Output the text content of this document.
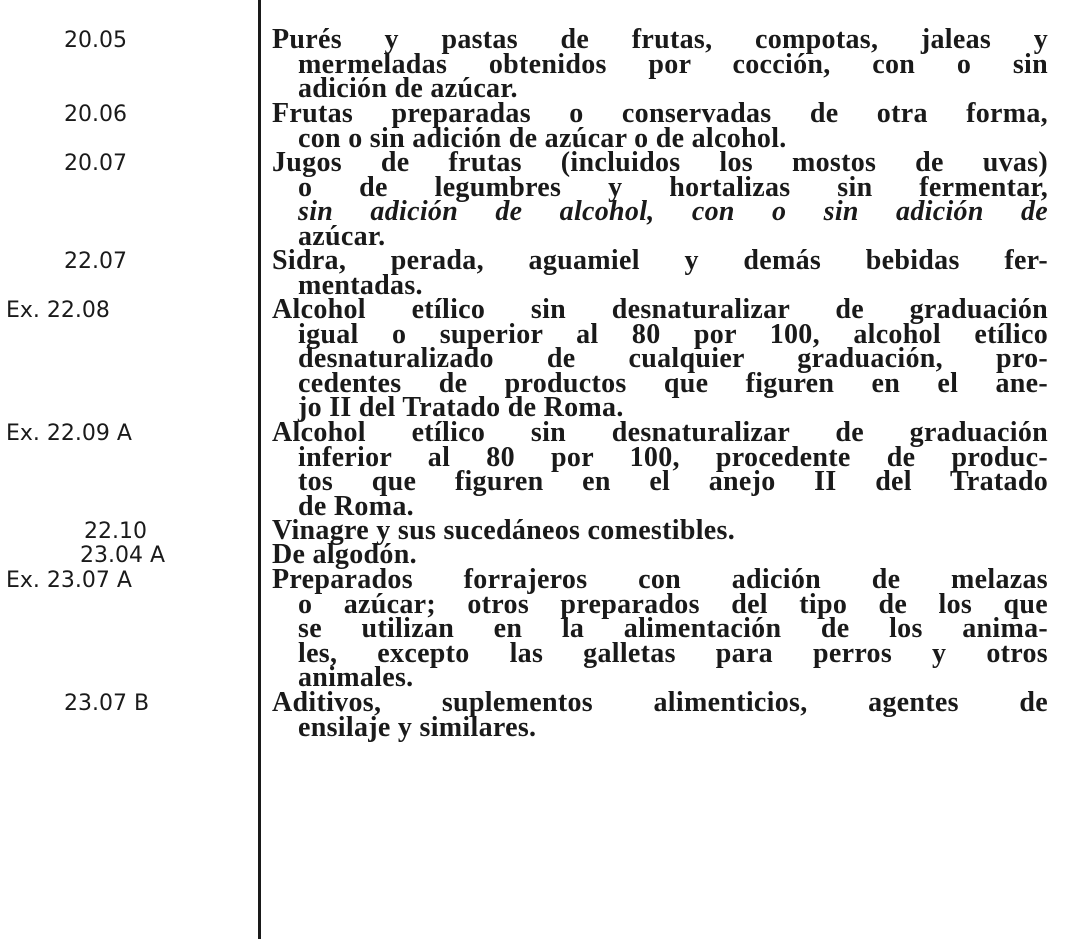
20.05	Purés y pastas de frutas, compotas, jaleas y
mermeladas obtenidos por cocción, con o sin
adición de azúcar.
20.06	Frutas preparadas o conservadas de otra forma,
con o sin adición de azúcar o de alcohol.
20.07	Jugos de frutas (incluidos los mostos de uvas)
o de legumbres y hortalizas sin fermentar,
sin adición de alcohol, con o sin adición de
azúcar.
22.07	Sidra, perada, aguamiel y demás bebidas fer-
mentadas.
Ex. 22.08	Alcohol etílico sin desnaturalizar de graduación
igual o superior al 80 por 100, alcohol etílico
desnaturalizado de cualquier graduación, pro-
cedentes de productos que figuren en el ane-
jo II del Tratado de Roma.
Ex. 22.09 A	Alcohol etílico sin desnaturalizar de graduación
inferior al 80 por 100, procedente de produc-
tos que figuren en el anejo II del Tratado
de Roma.
22.10	Vinagre y sus sucedáneos comestibles.
23.04 A	De algodón.
Ex. 23.07 A	Preparados forrajeros con adición de melazas
o azúcar; otros preparados del tipo de los que
se utilizan en la alimentación de los anima-
les, excepto las galletas para perros y otros
animales.
23.07 B	Aditivos, suplementos alimenticios, agentes de
ensilaje y similares.
